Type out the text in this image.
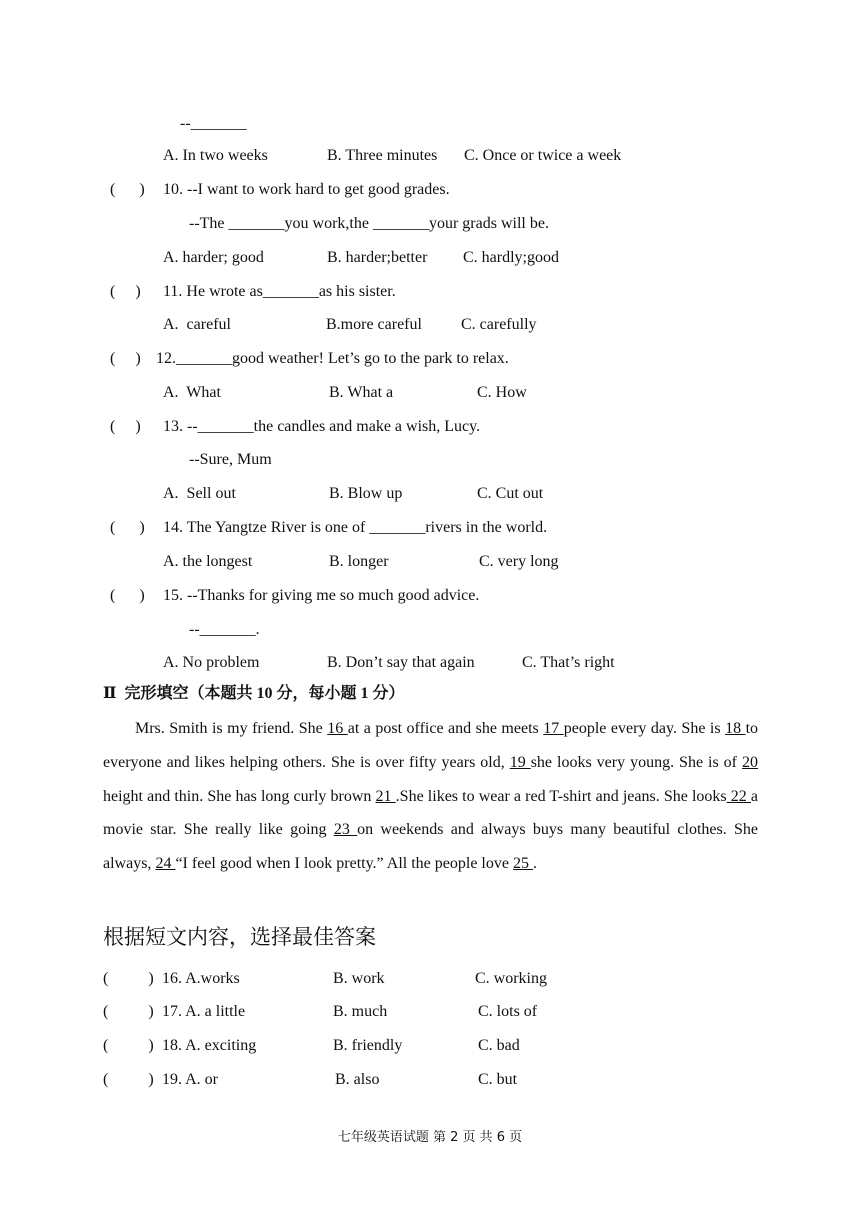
--_______
A. In two weeks	B. Three minutes C. Once or twice a week
(      ) 10. --I want to work hard to get good grades.
--The _______you work,the _______your grads will be.
A. harder; good	B. harder;better C. hardly;good
(     ) 11. He wrote as_______as his sister.
A.  careful	B.more careful C. carefully
(     ) 12._______good weather! Let’s go to the park to relax.
A.  What	B. What a	C. How
(     ) 13. --_______the candles and make a wish, Lucy.
--Sure, Mum
A.  Sell out	B. Blow up	C. Cut out
(      ) 14. The Yangtze River is one of _______rivers in the world.
A. the longest	B. longer	C. very long
(      ) 15. --Thanks for giving me so much good advice.
--_______.
A. No problem	B. Don’t say that again	C. That’s right
Ⅱ 完形填空（本题共 10 分，每小题 1 分）
Mrs. Smith is my friend. She 16 at a post office and she meets 17 people every day. She is 18 to everyone and likes helping others. She is over fifty years old, 19 she looks very young. She is of 20 height and thin. She has long curly brown 21 .She likes to wear a red T-shirt and jeans. She looks 22 a movie star. She really like going 23 on weekends and always buys many beautiful clothes. She always, 24 “I feel good when I look pretty.” All the people love 25 .
根据短文内容，选择最佳答案
(          ) 16. A.works	B. work	C. working
(          ) 17. A. a little	B. much	C. lots of
(          ) 18. A. exciting	B. friendly	C. bad
(          ) 19. A. or	B. also	C. but
七年级英语试题 第 2 页 共 6 页
